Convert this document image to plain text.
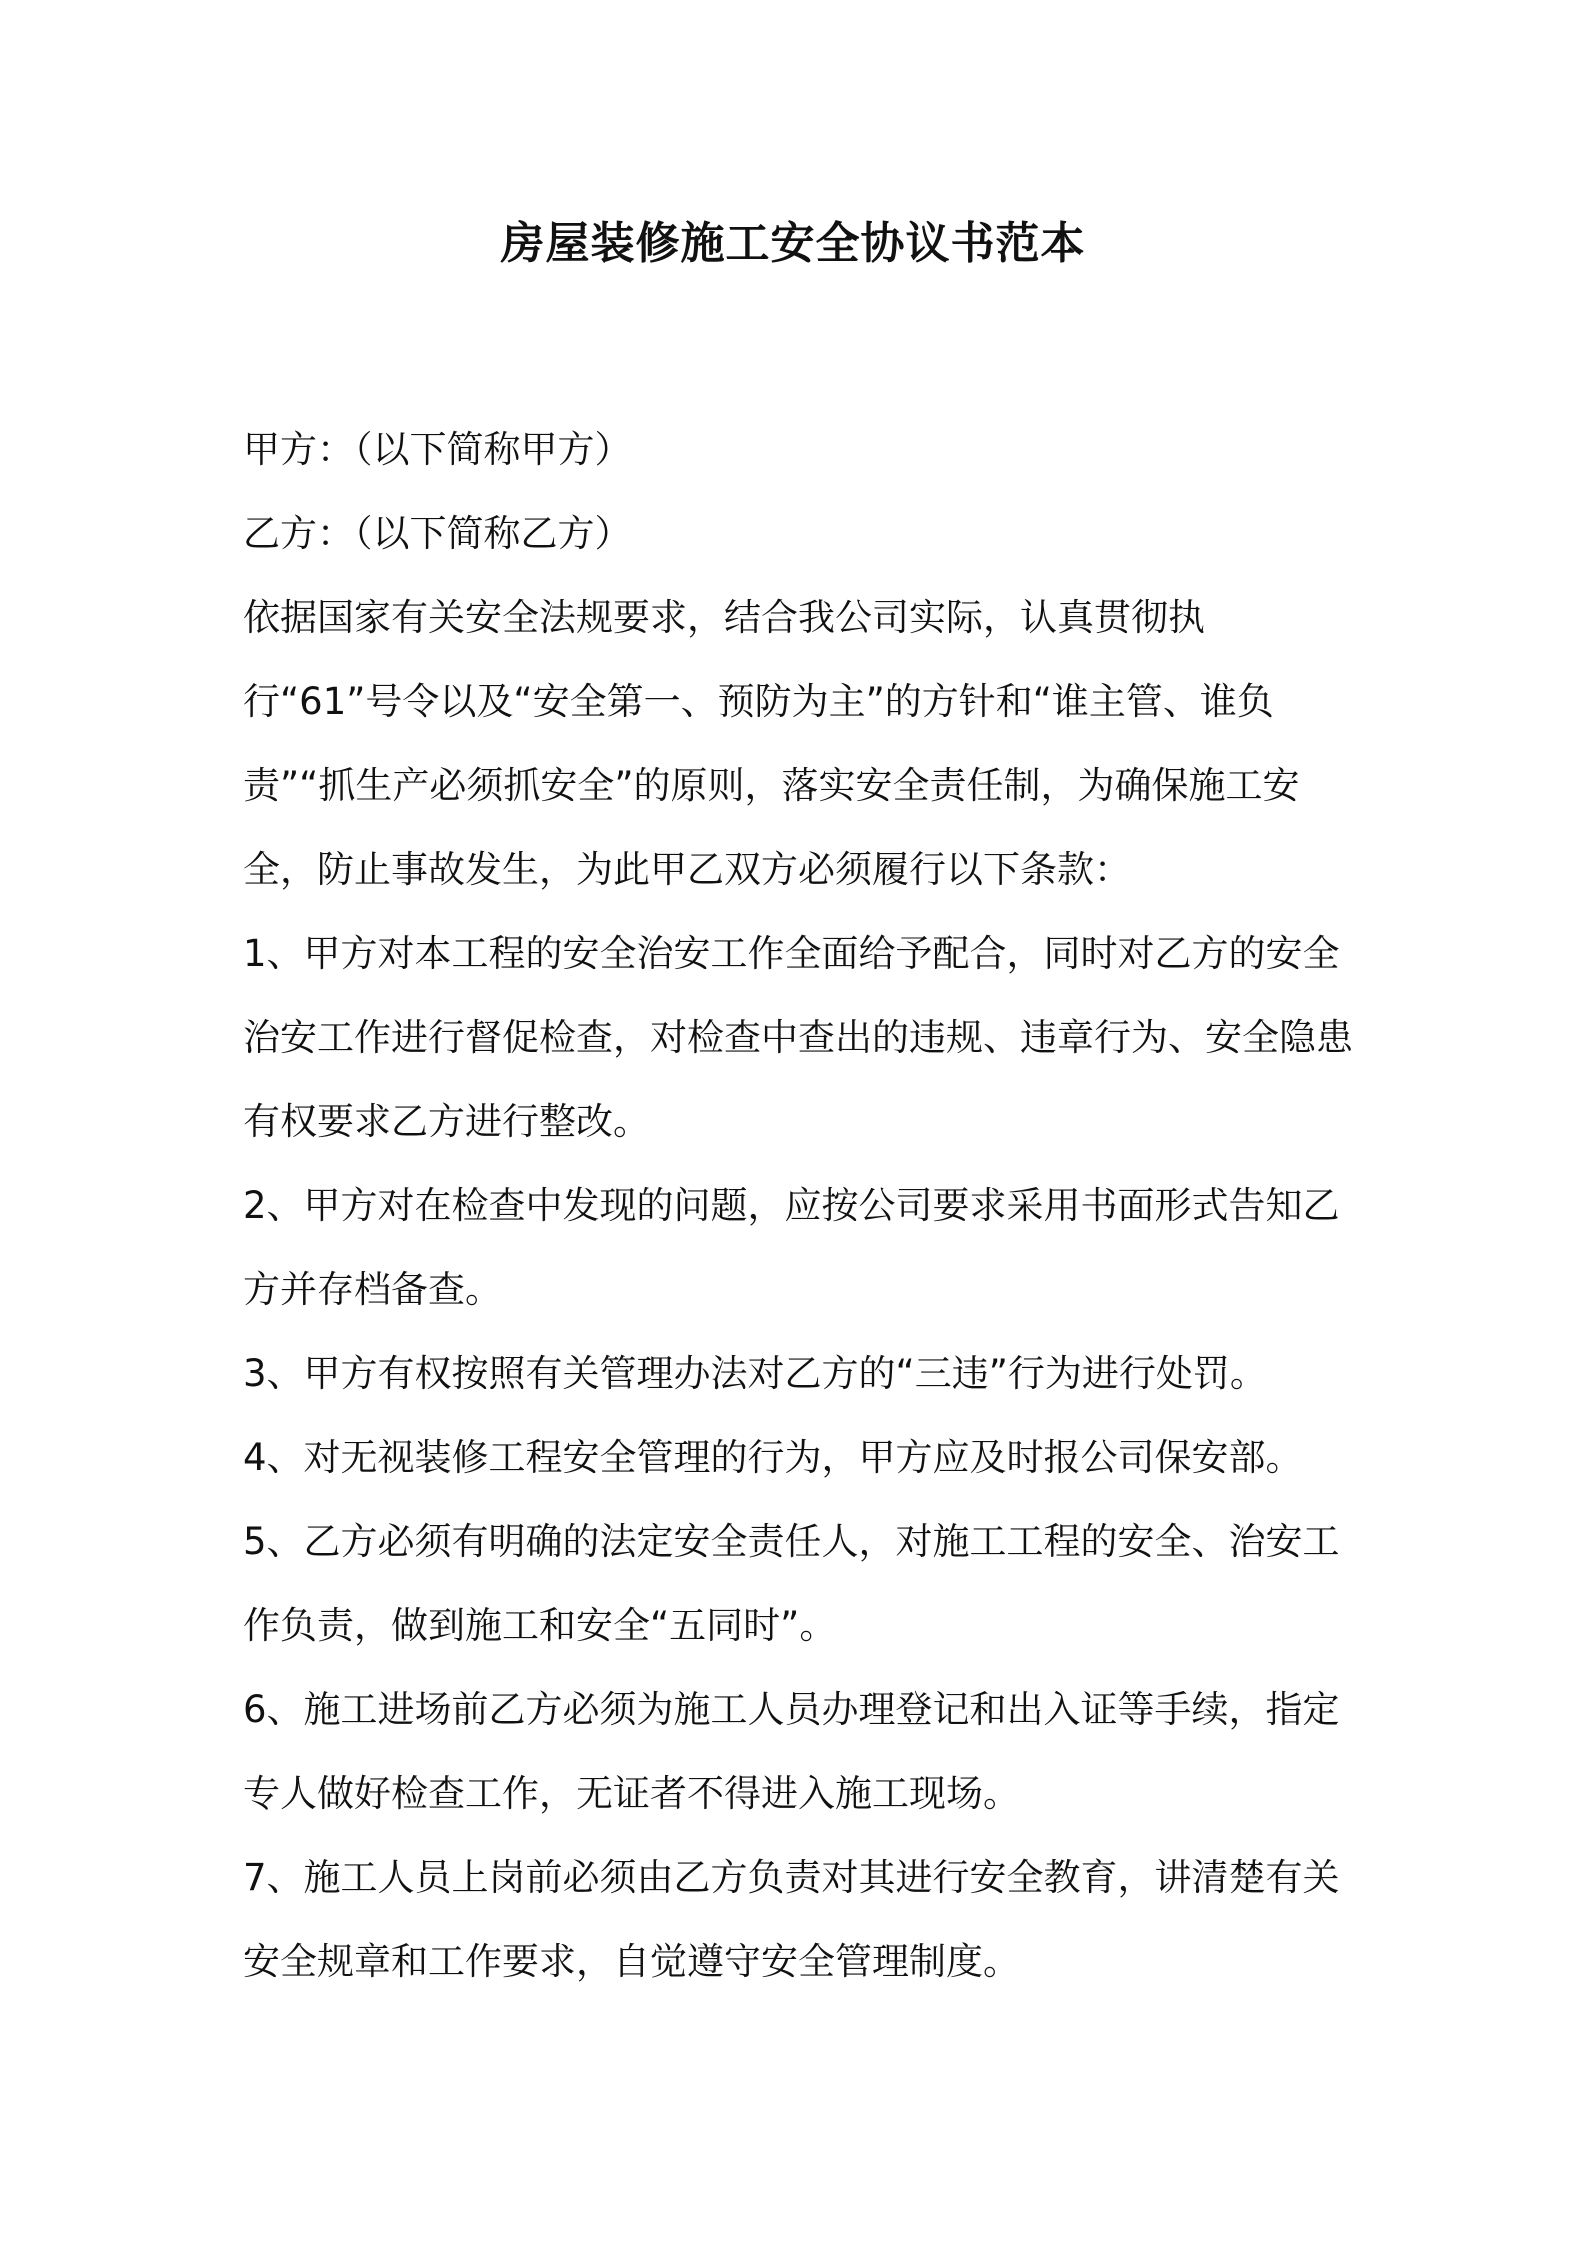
房屋装修施工安全协议书范本

甲方：（以下简称甲方）

乙方：（以下简称乙方）

依据国家有关安全法规要求，结合我公司实际，认真贯彻执行“61”号令以及“安全第一、预防为主”的方针和“谁主管、谁负责”“抓生产必须抓安全”的原则，落实安全责任制，为确保施工安全，防止事故发生，为此甲乙双方必须履行以下条款：

1、甲方对本工程的安全治安工作全面给予配合，同时对乙方的安全治安工作进行督促检查，对检查中查出的违规、违章行为、安全隐患有权要求乙方进行整改。

2、甲方对在检查中发现的问题，应按公司要求采用书面形式告知乙方并存档备查。

3、甲方有权按照有关管理办法对乙方的“三违”行为进行处罚。

4、对无视装修工程安全管理的行为，甲方应及时报公司保安部。

5、乙方必须有明确的法定安全责任人，对施工工程的安全、治安工作负责，做到施工和安全“五同时”。

6、施工进场前乙方必须为施工人员办理登记和出入证等手续，指定专人做好检查工作，无证者不得进入施工现场。

7、施工人员上岗前必须由乙方负责对其进行安全教育，讲清楚有关安全规章和工作要求，自觉遵守安全管理制度。
